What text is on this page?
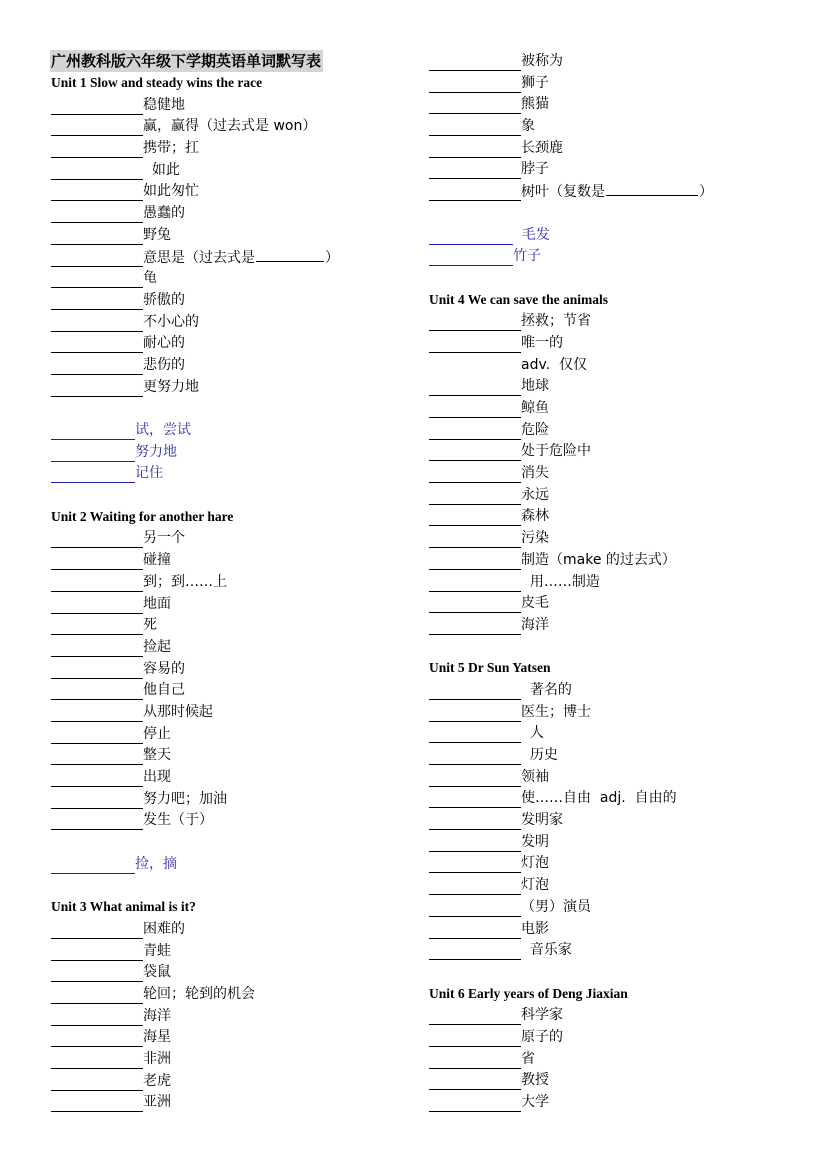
广州教科版六年级下学期英语单词默写表
Unit 1 Slow and steady wins the race
稳健地
赢，赢得（过去式是 won）
携带；扛
如此
如此匆忙
愚蠢的
野兔
意思是（过去式是	）
龟
骄傲的
不小心的
耐心的
悲伤的
更努力地
试，尝试
努力地
记住
Unit 2 Waiting for another hare
另一个
碰撞
到；到……上
地面
死
捡起
容易的
他自己
从那时候起
停止
整天
出现
努力吧；加油
发生（于）
捡，摘
Unit 3 What animal is it?
困难的
青蛙
袋鼠
轮回；轮到的机会
海洋
海星
非洲
老虎
亚洲
被称为
狮子
熊猫
象
长颈鹿
脖子
树叶（复数是	）
毛发
竹子
Unit 4 We can save the animals
拯救；节省
唯一的
adv.  仅仅
地球
鲸鱼
危险
处于危险中
消失
永远
森林
污染
制造（make 的过去式）
用……制造
皮毛
海洋
Unit 5 Dr Sun Yatsen
著名的
医生；博士
人
历史
领袖
使……自由  adj.  自由的
发明家
发明
灯泡
灯泡
（男）演员
电影
音乐家
Unit 6 Early years of Deng Jiaxian
科学家
原子的
省
教授
大学
